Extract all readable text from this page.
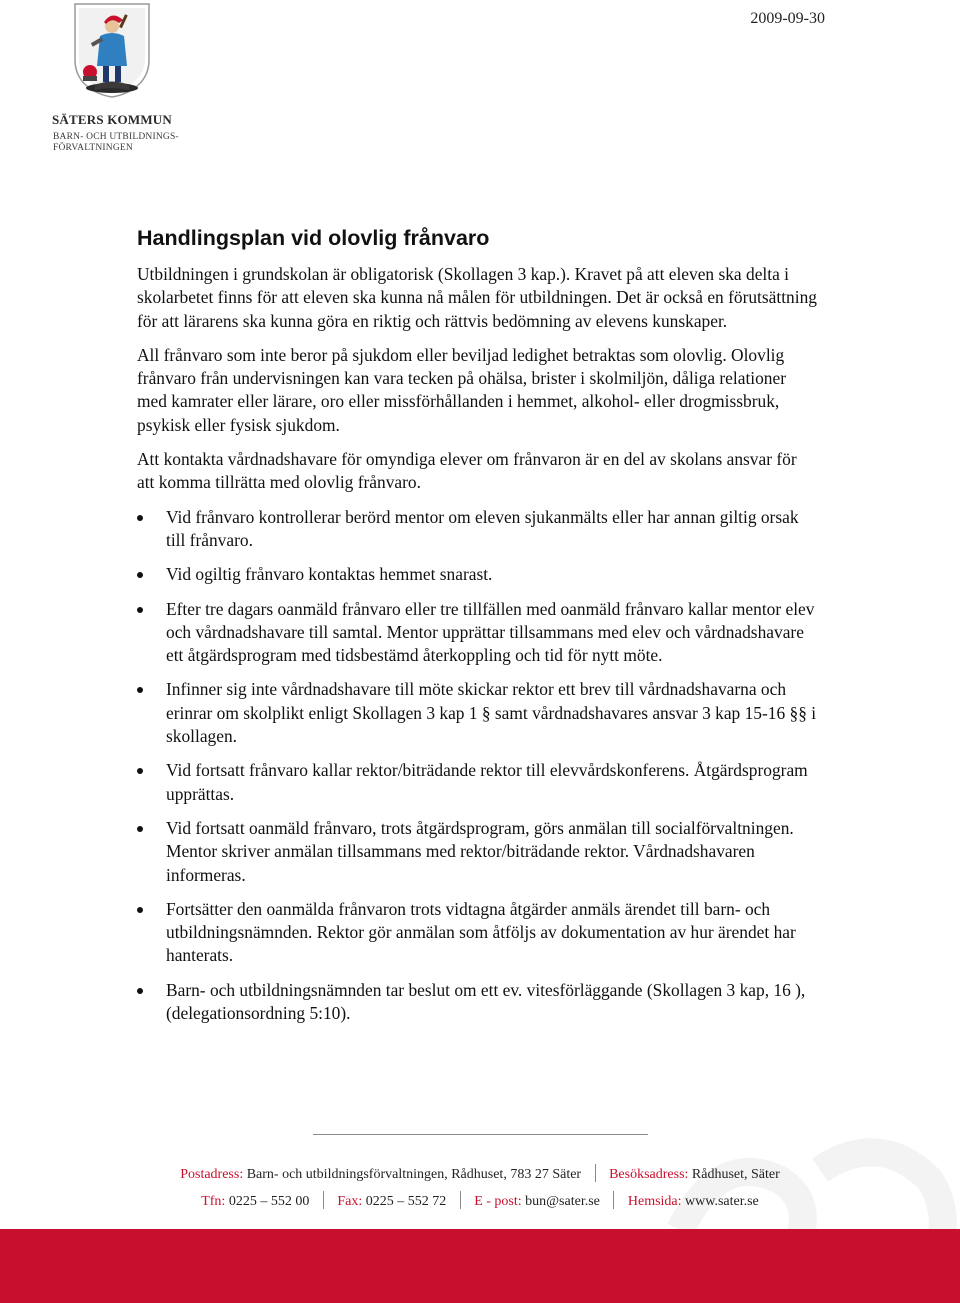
SÄTERS KOMMUN
BARN- OCH UTBILDNINGS-
FÖRVALTNINGEN
2009-09-30
Handlingsplan vid olovlig frånvaro

Utbildningen i grundskolan är obligatorisk (Skollagen 3 kap.). Kravet på att eleven ska delta i skolarbetet finns för att eleven ska kunna nå målen för utbildningen. Det är också en förutsättning för att lärarens ska kunna göra en riktig och rättvis bedömning av elevens kunskaper.

All frånvaro som inte beror på sjukdom eller beviljad ledighet betraktas som olovlig. Olovlig frånvaro från undervisningen kan vara tecken på ohälsa, brister i skolmiljön, dåliga relationer med kamrater eller lärare, oro eller missförhållanden i hemmet, alkohol- eller drogmissbruk, psykisk eller fysisk sjukdom.

Att kontakta vårdnadshavare för omyndiga elever om frånvaron är en del av skolans ansvar för att komma tillrätta med olovlig frånvaro.

Vid frånvaro kontrollerar berörd mentor om eleven sjukanmälts eller har annan giltig orsak till frånvaro.
Vid ogiltig frånvaro kontaktas hemmet snarast.
Efter tre dagars oanmäld frånvaro eller tre tillfällen med oanmäld frånvaro kallar mentor elev och vårdnadshavare till samtal. Mentor upprättar tillsammans med elev och vårdnadshavare ett åtgärdsprogram med tidsbestämd återkoppling och tid för nytt möte.
Infinner sig inte vårdnadshavare till möte skickar rektor ett brev till vårdnadshavarna och erinrar om skolplikt enligt Skollagen 3 kap 1 § samt vårdnadshavares ansvar 3 kap 15-16 §§ i skollagen.
Vid fortsatt frånvaro kallar rektor/biträdande rektor till elevvårdskonferens. Åtgärdsprogram upprättas.
Vid fortsatt oanmäld frånvaro, trots åtgärdsprogram, görs anmälan till socialförvaltningen. Mentor skriver anmälan tillsammans med rektor/biträdande rektor. Vårdnadshavaren informeras.
Fortsätter den oanmälda frånvaron trots vidtagna åtgärder anmäls ärendet till barn- och utbildningsnämnden. Rektor gör anmälan som åtföljs av dokumentation av hur ärendet har hanterats.
Barn- och utbildningsnämnden tar beslut om ett ev. vitesförläggande (Skollagen 3 kap, 16 ), (delegationsordning 5:10).
Postadress: Barn- och utbildningsförvaltningen, Rådhuset, 783 27 Säter Besöksadress: Rådhuset, Säter
Tfn: 0225 – 552 00 Fax: 0225 – 552 72 E - post: bun@sater.se Hemsida: www.sater.se
